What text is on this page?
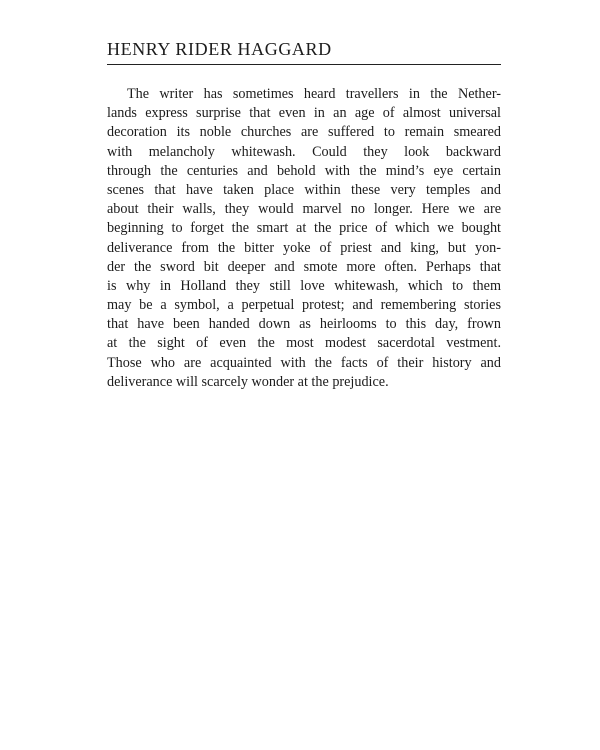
HENRY RIDER HAGGARD
The writer has sometimes heard travellers in the Nether-
lands express surprise that even in an age of almost universal
decoration its noble churches are suffered to remain smeared
with melancholy whitewash. Could they look backward
through the centuries and behold with the mind’s eye certain
scenes that have taken place within these very temples and
about their walls, they would marvel no longer. Here we are
beginning to forget the smart at the price of which we bought
deliverance from the bitter yoke of priest and king, but yon-
der the sword bit deeper and smote more often. Perhaps that
is why in Holland they still love whitewash, which to them
may be a symbol, a perpetual protest; and remembering stories
that have been handed down as heirlooms to this day, frown
at the sight of even the most modest sacerdotal vestment.
Those who are acquainted with the facts of their history and
deliverance will scarcely wonder at the prejudice.
